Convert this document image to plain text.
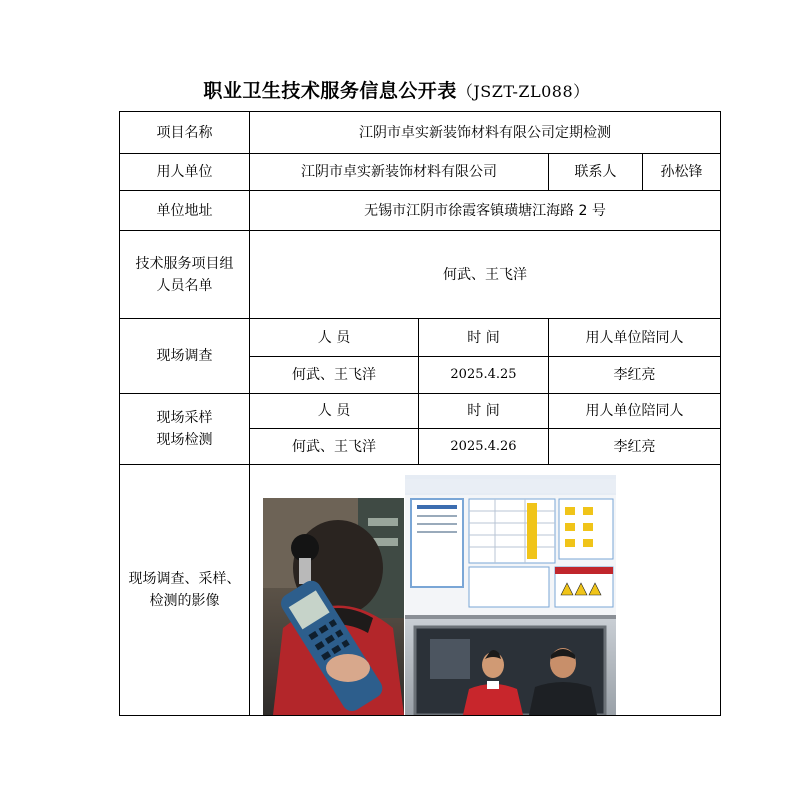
职业卫生技术服务信息公开表（JSZT-ZL088）
项目名称	江阴市卓实新装饰材料有限公司定期检测			
用人单位	江阴市卓实新装饰材料有限公司		联系人	孙松锋
单位地址	无锡市江阴市徐霞客镇璜塘江海路 2 号			

技术服务项目组
人员名单	何武、王飞洋			
现场调查	人 员	时 间	用人单位陪同人	
	何武、王飞洋	2025.4.25	李红亮	

现场采样
现场检测	人 员	时 间	用人单位陪同人	
	何武、王飞洋	2025.4.26	李红亮	

现场调查、采样、
检测的影像
